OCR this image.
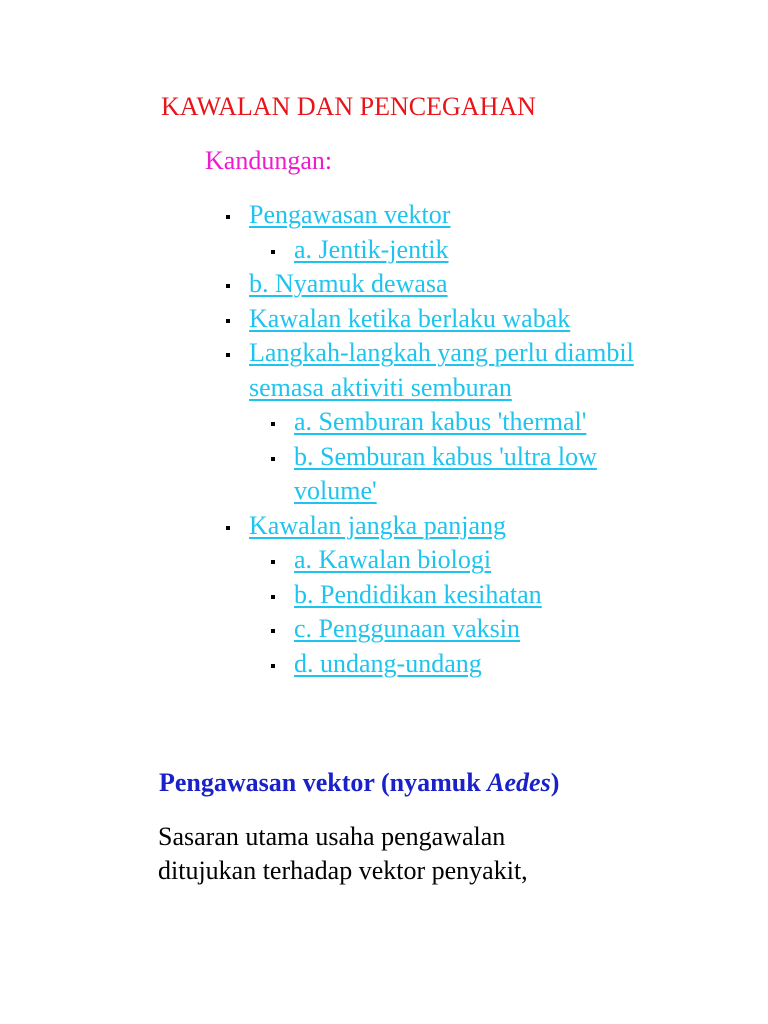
KAWALAN DAN PENCEGAHAN
Kandungan:
Pengawasan vektor
a. Jentik-jentik
b. Nyamuk dewasa
Kawalan ketika berlaku wabak
Langkah-langkah yang perlu diambil semasa aktiviti semburan
a. Semburan kabus 'thermal'
b. Semburan kabus 'ultra low volume'
Kawalan jangka panjang
a. Kawalan biologi
b. Pendidikan kesihatan
c. Penggunaan vaksin
d. undang-undang
Pengawasan vektor (nyamuk Aedes)

Sasaran utama usaha pengawalan ditujukan terhadap vektor penyakit,
